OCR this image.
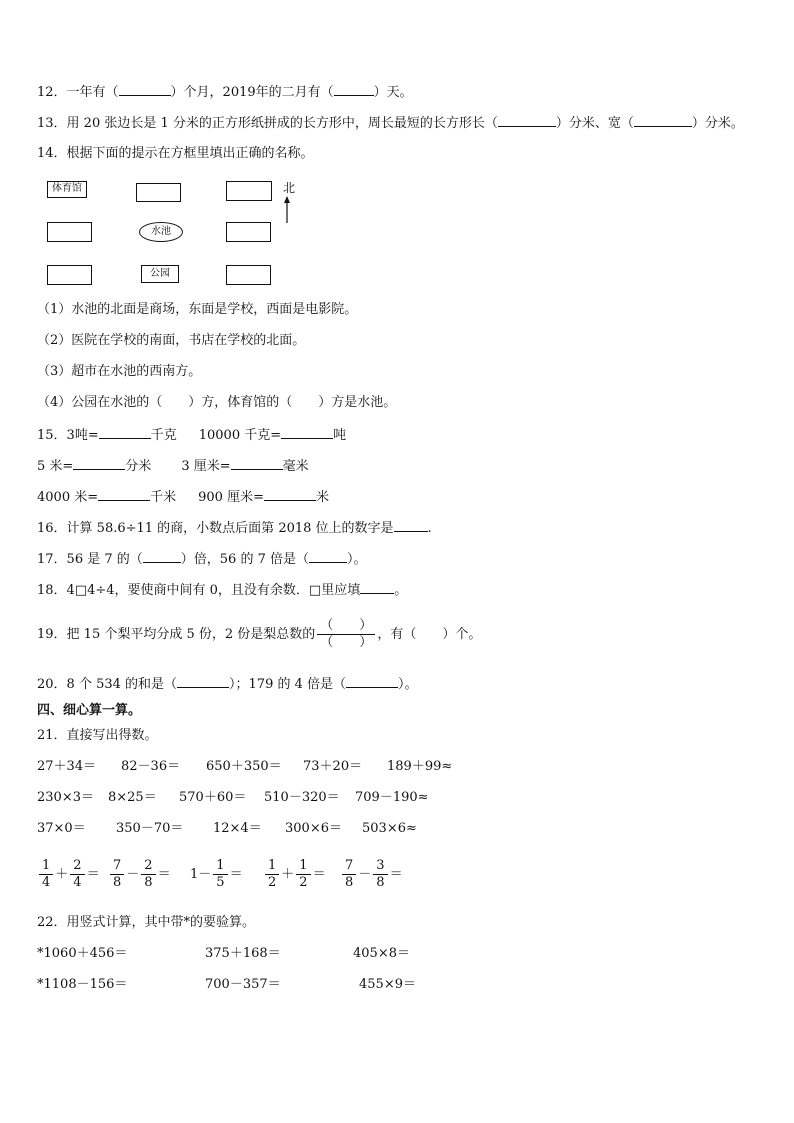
12．一年有（	）个月，2019年的二月有（	）天。
13．用 20 张边长是 1 分米的正方形纸拼成的长方形中，周长最短的长方形长（	）分米、宽（	）分米。
14．根据下面的提示在方框里填出正确的名称。
体育馆	北
水池
公园
（1）水池的北面是商场，东面是学校，西面是电影院。
（2）医院在学校的南面，书店在学校的北面。
（3）超市在水池的西南方。
（4）公园在水池的（　　）方，体育馆的（　　）方是水池。
15．3吨=	千克 10000 千克=	吨
5 米=	分米 3 厘米=	毫米
4000 米=	千米 900 厘米=	米
16．计算 58.6÷11 的商，小数点后面第 2018 位上的数字是	.
17．56 是 7 的（	）倍，56 的 7 倍是（	）。
18．4□4÷4，要使商中间有 0，且没有余数．□里应填	。
19．把 15 个梨平均分成 5 份，2 份是梨总数的 $\frac{( )}{( )}$ ，有（　　）个。
20．8 个 534 的和是（	）；179 的 4 倍是（	）。
四、细心算一算。
21．直接写出得数。
27＋34＝ 82－36＝ 650＋350＝ 73＋20＝ 189＋99≈
230×3＝ 8×25＝ 570＋60＝ 510－320＝ 709－190≈
37×0＝ 350－70＝ 12×4＝ 300×6＝ 503×6≈
$\frac{1}{4} + \frac{2}{4} = \frac{7}{8} - \frac{2}{8} = 1- \frac{1}{5} = \frac{1}{2} + \frac{1}{2} = \frac{7}{8} - \frac{3}{8}$ ＝
22．用竖式计算，其中带*的要验算。
*1060＋456＝	375＋168＝	405×8＝
*1108－156＝	700－357＝	455×9＝
